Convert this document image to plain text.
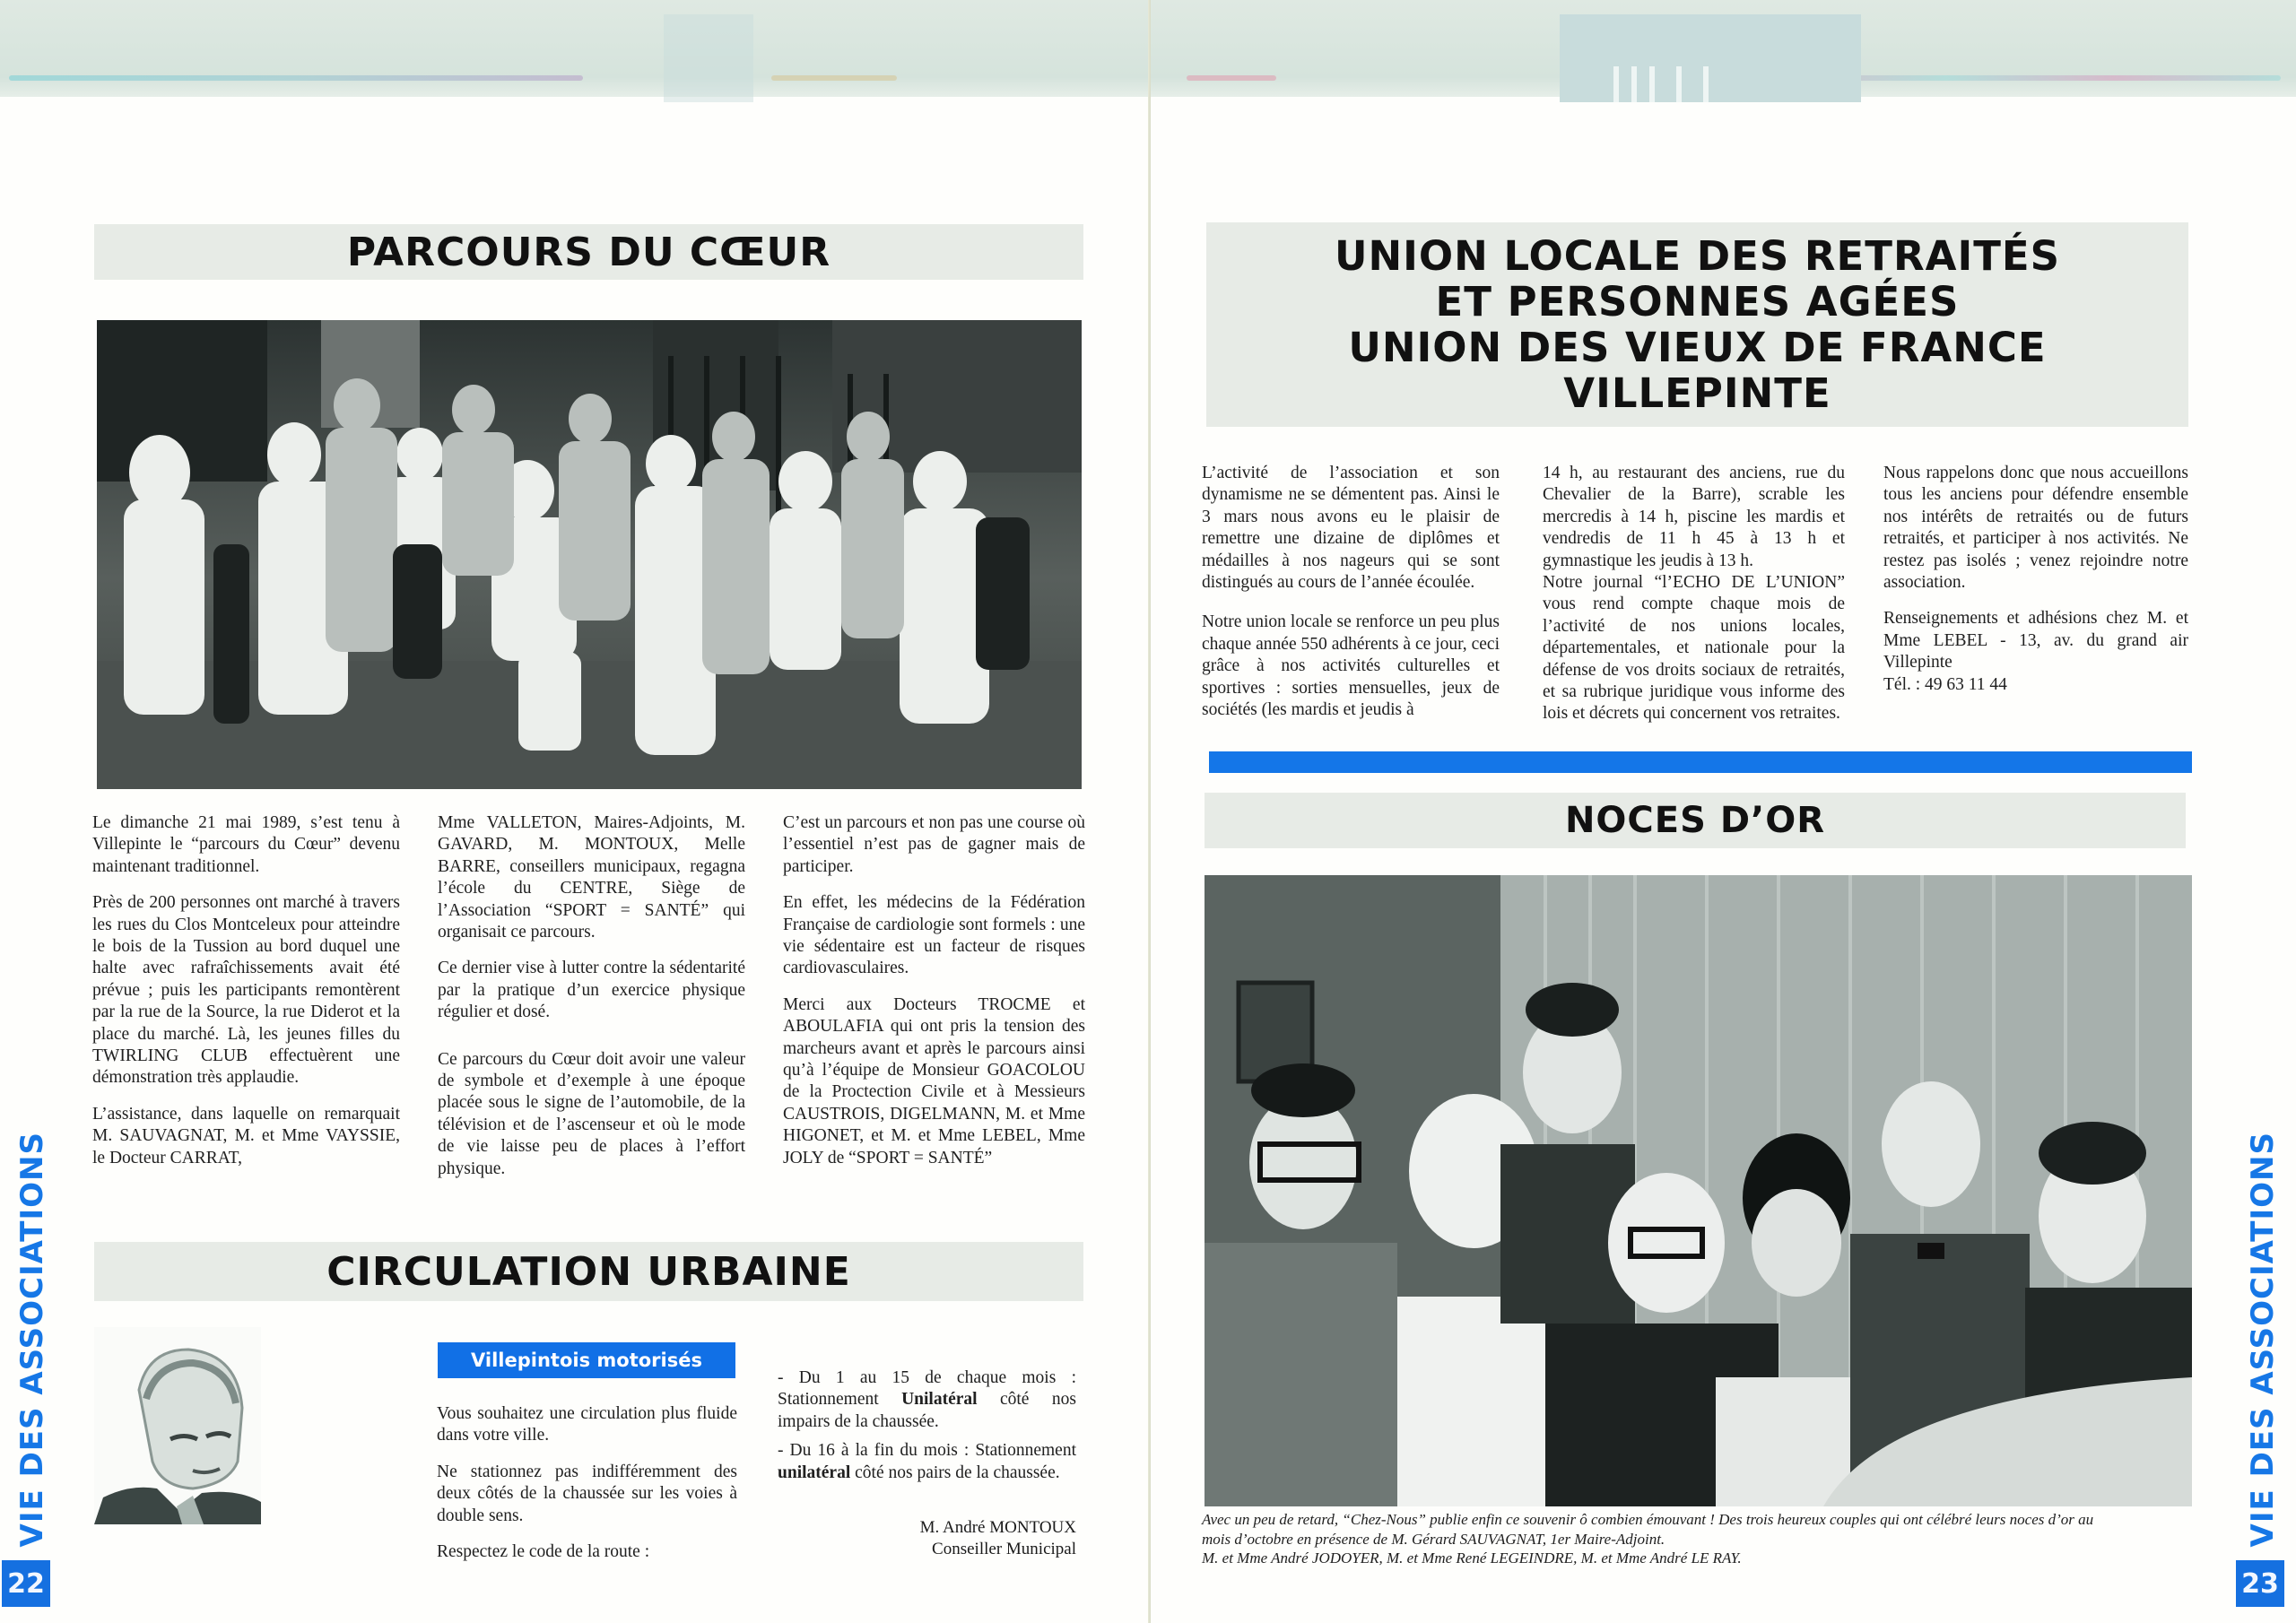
PARCOURS DU CŒUR

Le dimanche 21 mai 1989, s’est tenu à Villepinte le “parcours du Cœur” devenu maintenant traditionnel.

Près de 200 personnes ont marché à travers les rues du Clos Montceleux pour atteindre le bois de la Tussion au bord duquel une halte avec rafraîchissements avait été prévue ; puis les participants remontèrent par la rue de la Source, la rue Diderot et la place du marché. Là, les jeunes filles du TWIRLING CLUB effectuèrent une démonstration très applaudie.

L’assistance, dans laquelle on remarquait M. SAUVAGNAT, M. et Mme VAYSSIE, le Docteur CARRAT,

Mme VALLETON, Maires-Adjoints, M. GAVARD, M. MONTOUX, Melle BARRE, conseillers municipaux, regagna l’école du CENTRE, Siège de l’Association “SPORT = SANTÉ” qui organisait ce parcours.

Ce dernier vise à lutter contre la sédentarité par la pratique d’un exercice physique régulier et dosé.

Ce parcours du Cœur doit avoir une valeur de symbole et d’exemple à une époque placée sous le signe de l’automobile, de la télévision et de l’ascenseur et où le mode de vie laisse peu de places à l’effort physique.

C’est un parcours et non pas une course où l’essentiel n’est pas de gagner mais de participer.

En effet, les médecins de la Fédération Française de cardiologie sont formels : une vie sédentaire est un facteur de risques cardiovasculaires.

Merci aux Docteurs TROCME et ABOULAFIA qui ont pris la tension des marcheurs avant et après le parcours ainsi qu’à l’équipe de Monsieur GOACOLOU de la Proctection Civile et à Messieurs CAUSTROIS, DIGELMANN, M. et Mme HIGONET, et M. et Mme LEBEL, Mme JOLY de “SPORT = SANTÉ”

CIRCULATION URBAINE
Villepintois motorisés

Vous souhaitez une circulation plus fluide dans votre ville.

Ne stationnez pas indifféremment des deux côtés de la chaussée sur les voies à double sens.

Respectez le code de la route :

- Du 1 au 15 de chaque mois : Stationnement Unilatéral côté nos impairs de la chaussée.

- Du 16 à la fin du mois : Stationnement unilatéral côté nos pairs de la chaussée.

M. André MONTOUX
Conseiller Municipal
VIE DES ASSOCIATIONS
22
UNION LOCALE DES RETRAITÉS
ET PERSONNES AGÉES
UNION DES VIEUX DE FRANCE
VILLEPINTE

L’activité de l’association et son dynamisme ne se démentent pas. Ainsi le 3 mars nous avons eu le plaisir de remettre une dizaine de diplômes et médailles à nos nageurs qui se sont distingués au cours de l’année écoulée.

Notre union locale se renforce un peu plus chaque année 550 adhérents à ce jour, ceci grâce à nos activités culturelles et sportives : sorties mensuelles, jeux de sociétés (les mardis et jeudis à

14 h, au restaurant des anciens, rue du Chevalier de la Barre), scrable les mercredis à 14 h, piscine les mardis et vendredis de 11 h 45 à 13 h et gymnastique les jeudis à 13 h.

Notre journal “l’ECHO DE L’UNION” vous rend compte chaque mois de l’activité de nos unions locales, départementales, et nationale pour la défense de vos droits sociaux de retraités, et sa rubrique juridique vous informe des lois et décrets qui concernent vos retraites.

Nous rappelons donc que nous accueillons tous les anciens pour défendre ensemble nos intérêts de retraités ou de futurs retraités, et participer à nos activités. Ne restez pas isolés ; venez rejoindre notre association.

Renseignements et adhésions chez M. et Mme LEBEL - 13, av. du grand air Villepinte

Tél. : 49 63 11 44

NOCES D’OR
Avec un peu de retard, “Chez-Nous” publie enfin ce souvenir ô combien émouvant ! Des trois heureux couples qui ont célébré leurs noces d’or au
mois d’octobre en présence de M. Gérard SAUVAGNAT, 1er Maire-Adjoint.
M. et Mme André JODOYER, M. et Mme René LEGEINDRE, M. et Mme André LE RAY.
VIE DES ASSOCIATIONS
23
